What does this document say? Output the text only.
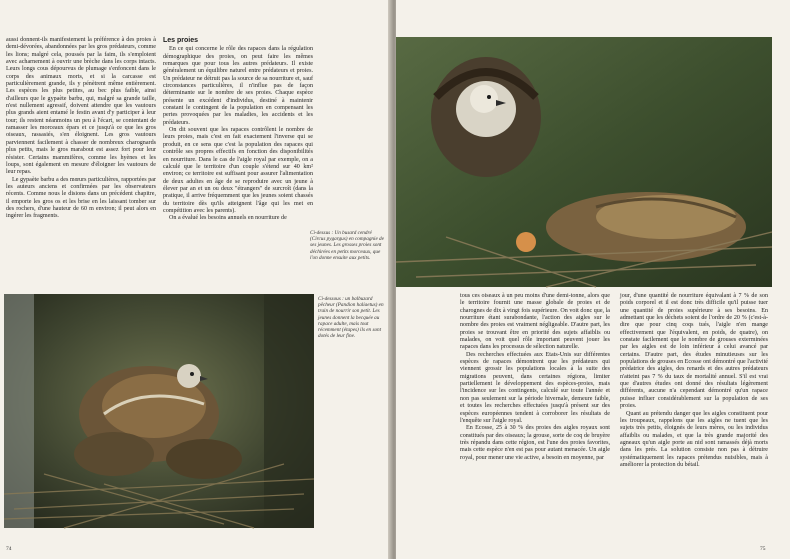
aussi donnent-ils manifestement la préférence à des proies à demi-dévorées, abandonnées par les gros prédateurs, comme les lions; malgré cela, poussés par la faim, ils s'emploient avec acharnement à ouvrir une brèche dans les corps intacts. Leurs longs cous dépourvus de plumage s'enfoncent dans le corps des animaux morts, et si la carcasse est particulièrement grande, ils y pénètrent même entièrement. Les espèces les plus petites, au bec plus faible, ainsi d'ailleurs que le gypaète barbu, qui, malgré sa grande taille, n'est nullement agressif, doivent attendre que les vautours plus grands aient entamé le festin avant d'y participer à leur tour; ils restent néanmoins un peu à l'écart, se contentant de ramasser les morceaux épars et ce jusqu'à ce que les gros oiseaux, rassasiés, s'en éloignent. Les gros vautours parviennent facilement à chasser de nombreux charognards plus petits, mais le gros marabout est assez fort pour leur résister. Certains mammifères, comme les hyènes et les loups, sont également en mesure d'éloigner les vautours de leur repas.

Le gypaète barbu a des mœurs particulières, rapportées par les auteurs anciens et confirmées par les observateurs récents. Comme nous le disions dans un précédent chapitre, il emporte les gros os et les brise en les laissant tomber sur des rochers, d'une hauteur de 60 m environ; il peut alors en ingérer les fragments.

Les proies

En ce qui concerne le rôle des rapaces dans la régulation démographique des proies, on peut faire les mêmes remarques que pour tous les autres prédateurs. Il existe généralement un équilibre naturel entre prédateurs et proies. Un prédateur ne détruit pas la source de sa nourriture et, sauf circonstances particulières, il n'influe pas de façon déterminante sur le nombre de ses proies. Chaque espèce présente un excédent d'individus, destiné à maintenir constant le contingent de la population en compensant les pertes provoquées par les maladies, les accidents et les prédateurs.

On dit souvent que les rapaces contrôlent le nombre de leurs proies, mais c'est en fait exactement l'inverse qui se produit, en ce sens que c'est la population des rapaces qui contrôle ses propres effectifs en fonction des disponibilités en nourriture. Dans le cas de l'aigle royal par exemple, on a calculé que le territoire d'un couple s'étend sur 40 km² environ; ce territoire est suffisant pour assurer l'alimentation de deux adultes en âge de se reproduire avec un jeune à élever par an et un ou deux "étrangers" de surcroît (dans la pratique, il arrive fréquemment que les jeunes soient chassés du territoire dès qu'ils atteignent l'âge qui les met en compétition avec les parents).

On a évalué les besoins annuels en nourriture de

Ci-dessous : un balbuzard pêcheur (Pandion haliaetus) en train de nourrir son petit. Les jeunes donnent la becquée au rapace adulte, mais tout récemment (étapes) ils en sont dotés de leur fine.
74
Ci-dessus : Un busard cendré (Circus pygargus) en compagnie de ses jeunes. Les grosses proies sont déchirées en petits morceaux, que l'on donne ensuite aux petits.

tous ces oiseaux à un peu moins d'une demi-tonne, alors que le territoire fournit une masse globale de proies et de charognes de dix à vingt fois supérieure. On voit donc que, la nourriture étant surabondante, l'action des aigles sur le nombre des proies est vraiment négligeable. D'autre part, les proies se trouvant être en priorité des sujets affaiblis ou malades, on voit quel rôle important peuvent jouer les rapaces dans les processus de sélection naturelle.

Des recherches effectuées aux Etats-Unis sur différentes espèces de rapaces démontrent que les prédateurs qui viennent grossir les populations locales à la suite des migrations peuvent, dans certaines régions, limiter partiellement le développement des espèces-proies, mais l'incidence sur les contingents, calculé sur toute l'année et non pas seulement sur la période hivernale, demeure faible, et toutes les recherches effectuées jusqu'à présent sur des espèces européennes tendent à corroborer les résultats de l'enquête sur l'aigle royal.

En Ecosse, 25 à 30 % des proies des aigles royaux sont constitués par des oiseaux; la grouse, sorte de coq de bruyère très répandu dans cette région, est l'une des proies favorites, mais cette espèce n'en est pas pour autant menacée. Un aigle royal, pour mener une vie active, a besoin en moyenne, par

jour, d'une quantité de nourriture équivalant à 7 % de son poids corporel et il est donc très difficile qu'il puisse tuer une quantité de proies supérieure à ses besoins. En admettant que les déchets soient de l'ordre de 20 % (c'est-à-dire que pour cinq coqs tués, l'aigle n'en mange effectivement que l'équivalent, en poids, de quatre), on constate facilement que le nombre de grouses exterminées par les aigles est de loin inférieur à celui avancé par certains. D'autre part, des études minutieuses sur les populations de grouses en Ecosse ont démontré que l'activité prédatrice des aigles, des renards et des autres prédateurs n'atteint pas 7 % du taux de mortalité annuel. S'il est vrai que d'autres études ont donné des résultats légèrement différents, aucune n'a cependant démontré qu'un rapace puisse influer considérablement sur la population de ses proies.

Quant au prétendu danger que les aigles constituent pour les troupeaux, rappelons que les aigles ne tuent que les sujets très petits, éloignés de leurs mères, ou les individus affaiblis ou malades, et que la très grande majorité des agneaux qu'un aigle porte au nid sont ramassés déjà morts dans les prés. La solution consiste non pas à détruire systématiquement les rapaces prétendus nuisibles, mais à améliorer la protection du bétail.

75
